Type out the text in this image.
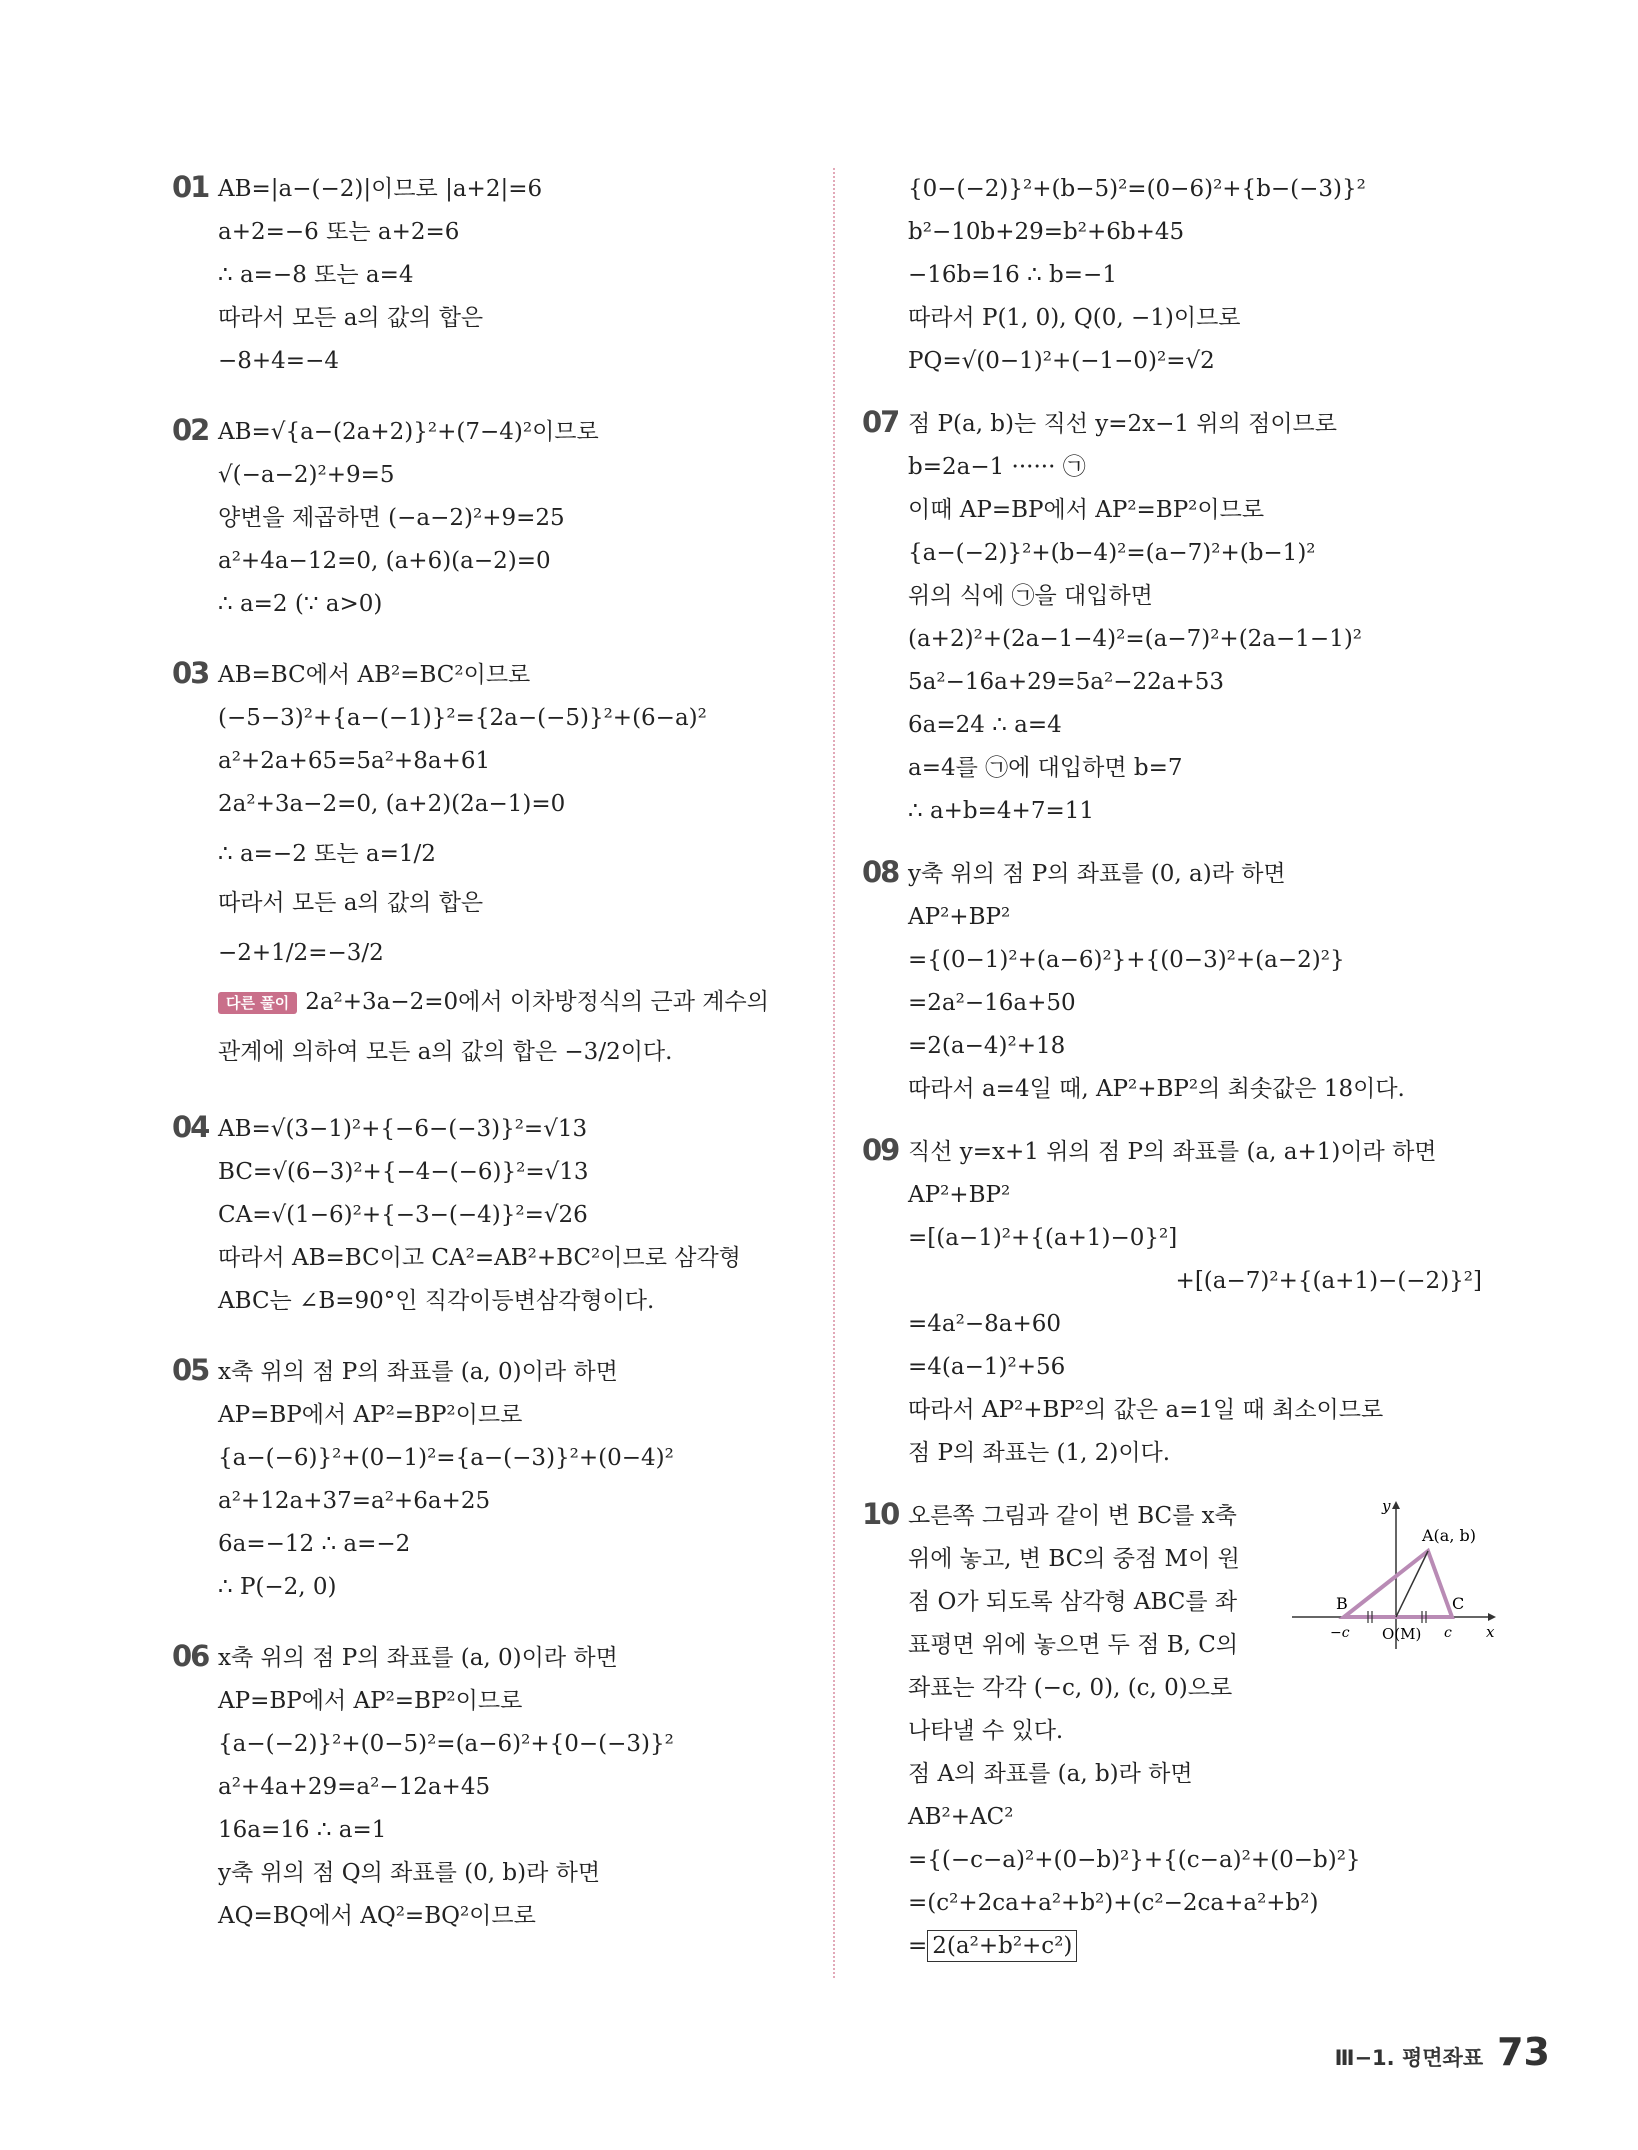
01 AB=|a−(−2)|이므로 |a+2|=6
a+2=−6 또는 a+2=6
∴ a=−8 또는 a=4
따라서 모든 a의 값의 합은
−8+4=−4
02 AB=√{a−(2a+2)}²+(7−4)²이므로
√(−a−2)²+9=5
양변을 제곱하면 (−a−2)²+9=25
a²+4a−12=0, (a+6)(a−2)=0
∴ a=2 (∵ a>0)
03 AB=BC에서 AB²=BC²이므로
(−5−3)²+{a−(−1)}²={2a−(−5)}²+(6−a)²
a²+2a+65=5a²+8a+61
2a²+3a−2=0, (a+2)(2a−1)=0
∴ a=−2 또는 a=1/2
따라서 모든 a의 값의 합은
−2+1/2=−3/2
다른 풀이 2a²+3a−2=0에서 이차방정식의 근과 계수의
관계에 의하여 모든 a의 값의 합은 −3/2이다.
04 AB=√(3−1)²+{−6−(−3)}²=√13
BC=√(6−3)²+{−4−(−6)}²=√13
CA=√(1−6)²+{−3−(−4)}²=√26
따라서 AB=BC이고 CA²=AB²+BC²이므로 삼각형
ABC는 ∠B=90°인 직각이등변삼각형이다.
05 x축 위의 점 P의 좌표를 (a, 0)이라 하면
AP=BP에서 AP²=BP²이므로
{a−(−6)}²+(0−1)²={a−(−3)}²+(0−4)²
a²+12a+37=a²+6a+25
6a=−12 ∴ a=−2
∴ P(−2, 0)
06 x축 위의 점 P의 좌표를 (a, 0)이라 하면
AP=BP에서 AP²=BP²이므로
{a−(−2)}²+(0−5)²=(a−6)²+{0−(−3)}²
a²+4a+29=a²−12a+45
16a=16 ∴ a=1
y축 위의 점 Q의 좌표를 (0, b)라 하면
AQ=BQ에서 AQ²=BQ²이므로
{0−(−2)}²+(b−5)²=(0−6)²+{b−(−3)}²
b²−10b+29=b²+6b+45
−16b=16 ∴ b=−1
따라서 P(1, 0), Q(0, −1)이므로
PQ=√(0−1)²+(−1−0)²=√2
07 점 P(a, b)는 직선 y=2x−1 위의 점이므로
b=2a−1 ······ ㉠
이때 AP=BP에서 AP²=BP²이므로
{a−(−2)}²+(b−4)²=(a−7)²+(b−1)²
위의 식에 ㉠을 대입하면
(a+2)²+(2a−1−4)²=(a−7)²+(2a−1−1)²
5a²−16a+29=5a²−22a+53
6a=24 ∴ a=4
a=4를 ㉠에 대입하면 b=7
∴ a+b=4+7=11
08 y축 위의 점 P의 좌표를 (0, a)라 하면
AP²+BP²
={(0−1)²+(a−6)²}+{(0−3)²+(a−2)²}
=2a²−16a+50
=2(a−4)²+18
따라서 a=4일 때, AP²+BP²의 최솟값은 18이다.
09 직선 y=x+1 위의 점 P의 좌표를 (a, a+1)이라 하면
AP²+BP²
=[(a−1)²+{(a+1)−0}²]
+[(a−7)²+{(a+1)−(−2)}²]
=4a²−8a+60
=4(a−1)²+56
따라서 AP²+BP²의 값은 a=1일 때 최소이므로
점 P의 좌표는 (1, 2)이다.
10	y
x
A(a, b)
B	C
−c O(M) c
오른쪽 그림과 같이 변 BC를 x축
위에 놓고, 변 BC의 중점 M이 원
점 O가 되도록 삼각형 ABC를 좌
표평면 위에 놓으면 두 점 B, C의
좌표는 각각 (−c, 0), (c, 0)으로
나타낼 수 있다.
점 A의 좌표를 (a, b)라 하면
AB²+AC²
={(−c−a)²+(0−b)²}+{(c−a)²+(0−b)²}
=(c²+2ca+a²+b²)+(c²−2ca+a²+b²)
= 2(a²+b²+c²)
Ⅲ−1. 평면좌표 73
